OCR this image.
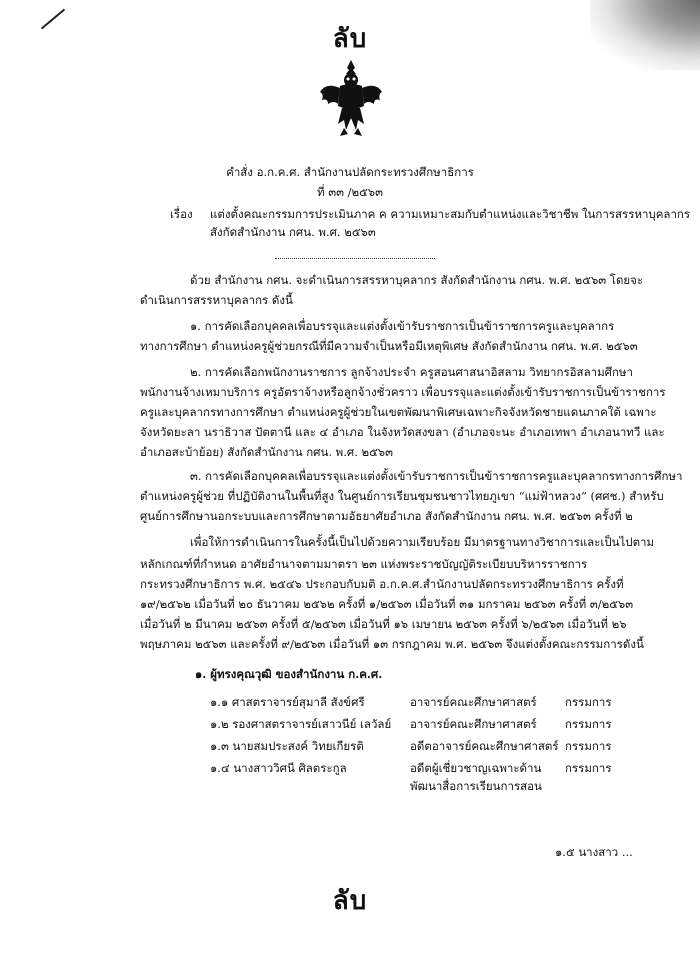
ลับ
คำสั่ง อ.ก.ค.ศ. สำนักงานปลัดกระทรวงศึกษาธิการ
ที่ ๓๓ /๒๕๖๓
เรื่อง แต่งตั้งคณะกรรมการประเมินภาค ค ความเหมาะสมกับตำแหน่งและวิชาชีพ ในการสรรหาบุคลากร
สังกัดสำนักงาน กศน. พ.ศ. ๒๕๖๓
ด้วย สำนักงาน กศน. จะดำเนินการสรรหาบุคลากร สังกัดสำนักงาน กศน. พ.ศ. ๒๕๖๓ โดยจะ
ดำเนินการสรรหาบุคลากร ดังนี้
๑. การคัดเลือกบุคคลเพื่อบรรจุและแต่งตั้งเข้ารับราชการเป็นข้าราชการครูและบุคลากร
ทางการศึกษา ตำแหน่งครูผู้ช่วยกรณีที่มีความจำเป็นหรือมีเหตุพิเศษ สังกัดสำนักงาน กศน. พ.ศ. ๒๕๖๓
๒. การคัดเลือกพนักงานราชการ ลูกจ้างประจำ ครูสอนศาสนาอิสลาม วิทยากรอิสลามศึกษา
พนักงานจ้างเหมาบริการ ครูอัตราจ้างหรือลูกจ้างชั่วคราว เพื่อบรรจุและแต่งตั้งเข้ารับราชการเป็นข้าราชการ
ครูและบุคลากรทางการศึกษา ตำแหน่งครูผู้ช่วยในเขตพัฒนาพิเศษเฉพาะกิจจังหวัดชายแดนภาคใต้ เฉพาะ
จังหวัดยะลา นราธิวาส ปัตตานี และ ๔ อำเภอ ในจังหวัดสงขลา (อำเภอจะนะ อำเภอเทพา อำเภอนาทวี และ
อำเภอสะบ้าย้อย) สังกัดสำนักงาน กศน. พ.ศ. ๒๕๖๓
๓. การคัดเลือกบุคคลเพื่อบรรจุและแต่งตั้งเข้ารับราชการเป็นข้าราชการครูและบุคลากรทางการศึกษา
ตำแหน่งครูผู้ช่วย ที่ปฏิบัติงานในพื้นที่สูง ในศูนย์การเรียนชุมชนชาวไทยภูเขา “แม่ฟ้าหลวง” (ศศช.) สำหรับ
ศูนย์การศึกษานอกระบบและการศึกษาตามอัธยาศัยอำเภอ สังกัดสำนักงาน กศน. พ.ศ. ๒๕๖๓ ครั้งที่ ๒
เพื่อให้การดำเนินการในครั้งนี้เป็นไปด้วยความเรียบร้อย มีมาตรฐานทางวิชาการและเป็นไปตาม
หลักเกณฑ์ที่กำหนด อาศัยอำนาจตามมาตรา ๒๓ แห่งพระราชบัญญัติระเบียบบริหารราชการ
กระทรวงศึกษาธิการ พ.ศ. ๒๕๔๖ ประกอบกับมติ อ.ก.ค.ศ.สำนักงานปลัดกระทรวงศึกษาธิการ ครั้งที่
๑๙/๒๕๖๒ เมื่อวันที่ ๒๐ ธันวาคม ๒๕๖๒ ครั้งที่ ๑/๒๕๖๓ เมื่อวันที่ ๓๑ มกราคม ๒๕๖๓ ครั้งที่ ๓/๒๕๖๓
เมื่อวันที่ ๒ มีนาคม ๒๕๖๓ ครั้งที่ ๕/๒๕๖๓ เมื่อวันที่ ๑๖ เมษายน ๒๕๖๓ ครั้งที่ ๖/๒๕๖๓ เมื่อวันที่ ๒๖
พฤษภาคม ๒๕๖๓ และครั้งที่ ๙/๒๕๖๓ เมื่อวันที่ ๑๓ กรกฎาคม พ.ศ. ๒๕๖๓ จึงแต่งตั้งคณะกรรมการดังนี้
๑. ผู้ทรงคุณวุฒิ ของสำนักงาน ก.ค.ศ.
๑.๑ ศาสตราจารย์สุมาลี สังข์ศรี	อาจารย์คณะศึกษาศาสตร์ กรรมการ
๑.๒ รองศาสตราจารย์เสาวนีย์ เลวัลย์ อาจารย์คณะศึกษาศาสตร์ กรรมการ
๑.๓ นายสมประสงค์ วิทยเกียรติ	อดีตอาจารย์คณะศึกษาศาสตร์ กรรมการ
๑.๔ นางสาววิศนี ศิลตระกูล	อดีตผู้เชี่ยวชาญเฉพาะด้าน
พัฒนาสื่อการเรียนการสอน
กรรมการ
๑.๕ นางสาว ...
ลับ
